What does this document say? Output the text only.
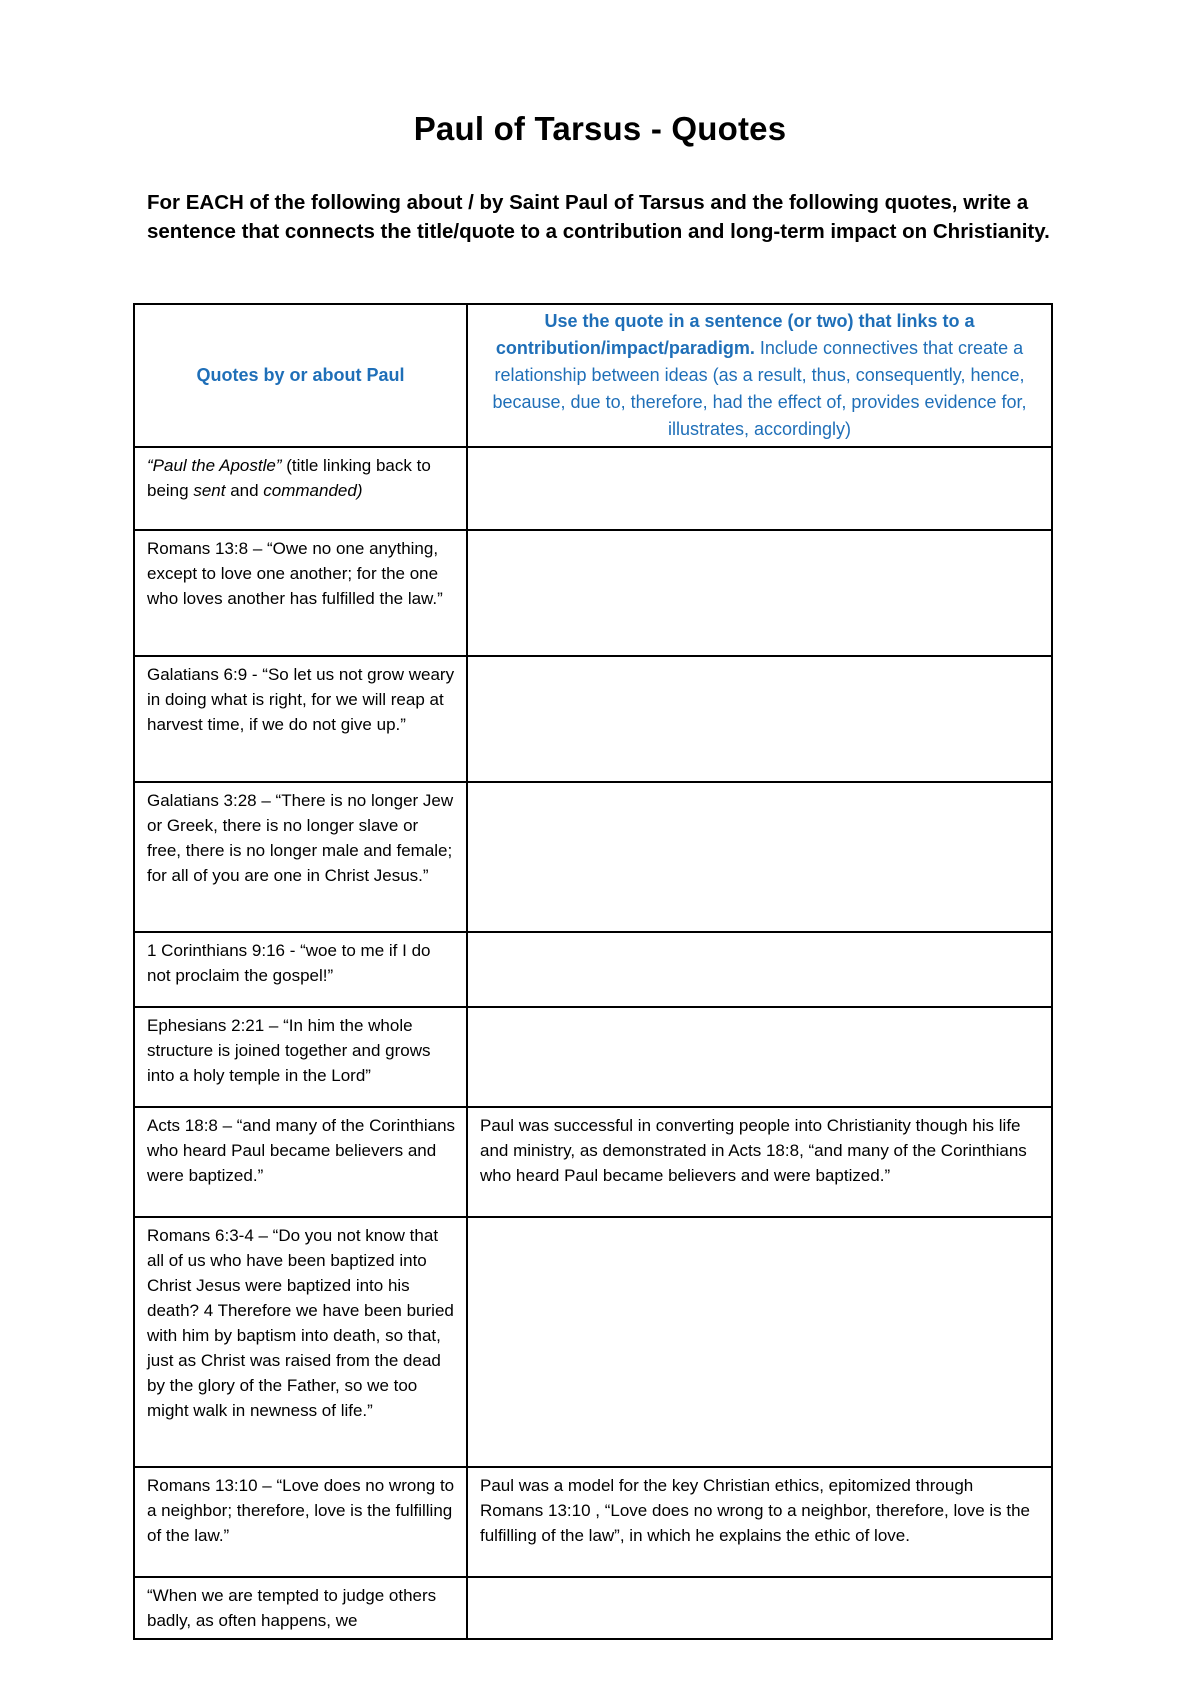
Paul of Tarsus - Quotes
For EACH of the following about / by Saint Paul of Tarsus and the following quotes, write a sentence that connects the title/quote to a contribution and long-term impact on Christianity.
Quotes by or about Paul	Use the quote in a sentence (or two) that links to a contribution/impact/paradigm. Include connectives that create a relationship between ideas (as a result, thus, consequently, hence, because, due to, therefore, had the effect of, provides evidence for, illustrates, accordingly)
“Paul the Apostle” (title linking back to being sent and commanded)	
Romans 13:8 – “Owe no one anything, except to love one another; for the one who loves another has fulfilled the law.”	
Galatians 6:9 - “So let us not grow weary in doing what is right, for we will reap at harvest time, if we do not give up.”	
Galatians 3:28 – “There is no longer Jew or Greek, there is no longer slave or free, there is no longer male and female; for all of you are one in Christ Jesus.”	
1 Corinthians 9:16 - “woe to me if I do not proclaim the gospel!”	
Ephesians 2:21 – “In him the whole structure is joined together and grows into a holy temple in the Lord”	
Acts 18:8 – “and many of the Corinthians who heard Paul became believers and were baptized.”	Paul was successful in converting people into Christianity though his life and ministry, as demonstrated in Acts 18:8, “and many of the Corinthians who heard Paul became believers and were baptized.”
Romans 6:3-4 – “Do you not know that all of us who have been baptized into Christ Jesus were baptized into his death? 4 Therefore we have been buried with him by baptism into death, so that, just as Christ was raised from the dead by the glory of the Father, so we too might walk in newness of life.”	
Romans 13:10 – “Love does no wrong to a neighbor; therefore, love is the fulfilling of the law.”	Paul was a model for the key Christian ethics, epitomized through Romans 13:10 , “Love does no wrong to a neighbor, therefore, love is the fulfilling of the law”, in which he explains the ethic of love.
“When we are tempted to judge others badly, as often happens, we	
